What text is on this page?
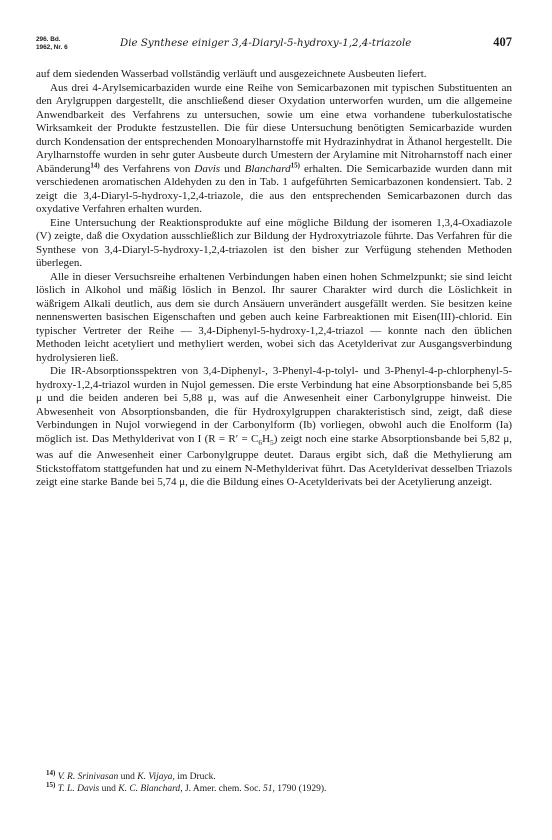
296. Bd.
1962, Nr. 6	Die Synthese einiger 3,4-Diaryl-5-hydroxy-1,2,4-triazole	407

auf dem siedenden Wasserbad vollständig verläuft und ausgezeichnete Ausbeuten liefert.

Aus drei 4-Arylsemicarbaziden wurde eine Reihe von Semicarbazonen mit typischen Substituenten an den Arylgruppen dargestellt, die anschließend dieser Oxydation unterworfen wurden, um die allgemeine Anwendbarkeit des Verfahrens zu untersuchen, sowie um eine etwa vorhandene tuberkulostatische Wirksamkeit der Produkte festzustellen. Die für diese Untersuchung benötigten Semicarbazide wurden durch Kondensation der entsprechenden Monoarylharnstoffe mit Hydrazinhydrat in Äthanol hergestellt. Die Arylharnstoffe wurden in sehr guter Ausbeute durch Umestern der Arylamine mit Nitroharnstoff nach einer Abänderung$^{14)}$ des Verfahrens von Davis und Blanchard$^{15)}$ erhalten. Die Semicarbazide wurden dann mit verschiedenen aromatischen Aldehyden zu den in Tab. 1 aufgeführten Semicarbazonen kondensiert. Tab. 2 zeigt die 3,4-Diaryl-5-hydroxy-1,2,4-triazole, die aus den entsprechenden Semicarbazonen durch das oxydative Verfahren erhalten wurden.

Eine Untersuchung der Reaktionsprodukte auf eine mögliche Bildung der isomeren 1,3,4-Oxadiazole (V) zeigte, daß die Oxydation ausschließlich zur Bildung der Hydroxytriazole führte. Das Verfahren für die Synthese von 3,4-Diaryl-5-hydroxy-1,2,4-triazolen ist den bisher zur Verfügung stehenden Methoden überlegen.

Alle in dieser Versuchsreihe erhaltenen Verbindungen haben einen hohen Schmelzpunkt; sie sind leicht löslich in Alkohol und mäßig löslich in Benzol. Ihr saurer Charakter wird durch die Löslichkeit in wäßrigem Alkali deutlich, aus dem sie durch Ansäuern unverändert ausgefällt werden. Sie besitzen keine nennenswerten basischen Eigenschaften und geben auch keine Farbreaktionen mit Eisen(III)-chlorid. Ein typischer Vertreter der Reihe — 3,4-Diphenyl-5-hydroxy-1,2,4-triazol — konnte nach den üblichen Methoden leicht acetyliert und methyliert werden, wobei sich das Acetylderivat zur Ausgangsverbindung hydrolysieren ließ.

Die IR-Absorptionsspektren von 3,4-Diphenyl-, 3-Phenyl-4-p-tolyl- und 3-Phenyl-4-p-chlorphenyl-5-hydroxy-1,2,4-triazol wurden in Nujol gemessen. Die erste Verbindung hat eine Absorptionsbande bei 5,85 μ und die beiden anderen bei 5,88 μ, was auf die Anwesenheit einer Carbonylgruppe hinweist. Die Abwesenheit von Absorptionsbanden, die für Hydroxylgruppen charakteristisch sind, zeigt, daß diese Verbindungen in Nujol vorwiegend in der Carbonylform (Ib) vorliegen, obwohl auch die Enolform (Ia) möglich ist. Das Methylderivat von I $(R = R' = C_6H_5)$ zeigt noch eine starke Absorptionsbande bei 5,82 μ, was auf die Anwesenheit einer Carbonylgruppe deutet. Daraus ergibt sich, daß die Methylierung am Stickstoffatom stattgefunden hat und zu einem N-Methylderivat führt. Das Acetylderivat desselben Triazols zeigt eine starke Bande bei 5,74 μ, die die Bildung eines O-Acetylderivats bei der Acetylierung anzeigt.

$^{14)}$ V. R. Srinivasan und K. Vijaya, im Druck.

$^{15)}$ T. L. Davis und K. C. Blanchard, J. Amer. chem. Soc. 51, 1790 (1929).
